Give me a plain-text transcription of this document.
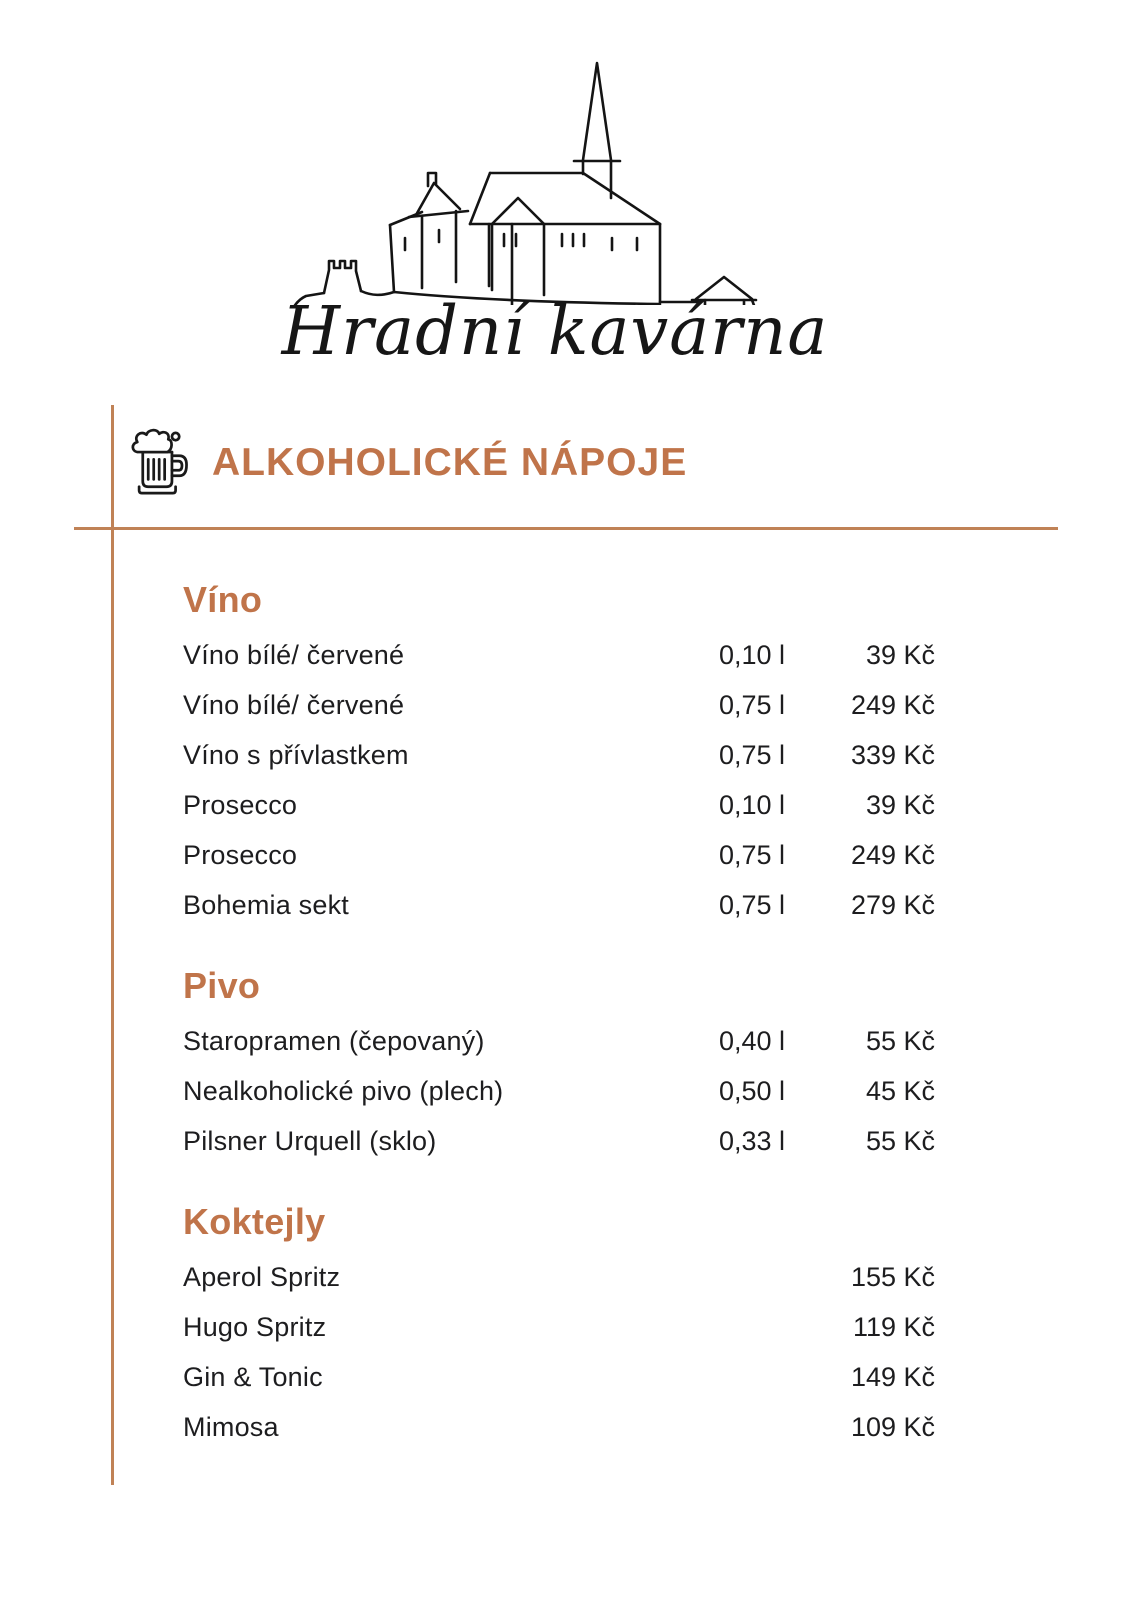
Hradní kavárna
ALKOHOLICKÉ NÁPOJE
Víno
Víno bílé/ červené	0,10 l	39 Kč
Víno bílé/ červené	0,75 l	249 Kč
Víno s přívlastkem	0,75 l	339 Kč
Prosecco	0,10 l	39 Kč
Prosecco	0,75 l	249 Kč
Bohemia sekt	0,75 l	279 Kč
Pivo
Staropramen (čepovaný)	0,40 l	55 Kč
Nealkoholické pivo (plech)	0,50 l	45 Kč
Pilsner Urquell (sklo)	0,33 l	55 Kč
Koktejly
Aperol Spritz	155 Kč
Hugo Spritz	119 Kč
Gin & Tonic	149 Kč
Mimosa	109 Kč
